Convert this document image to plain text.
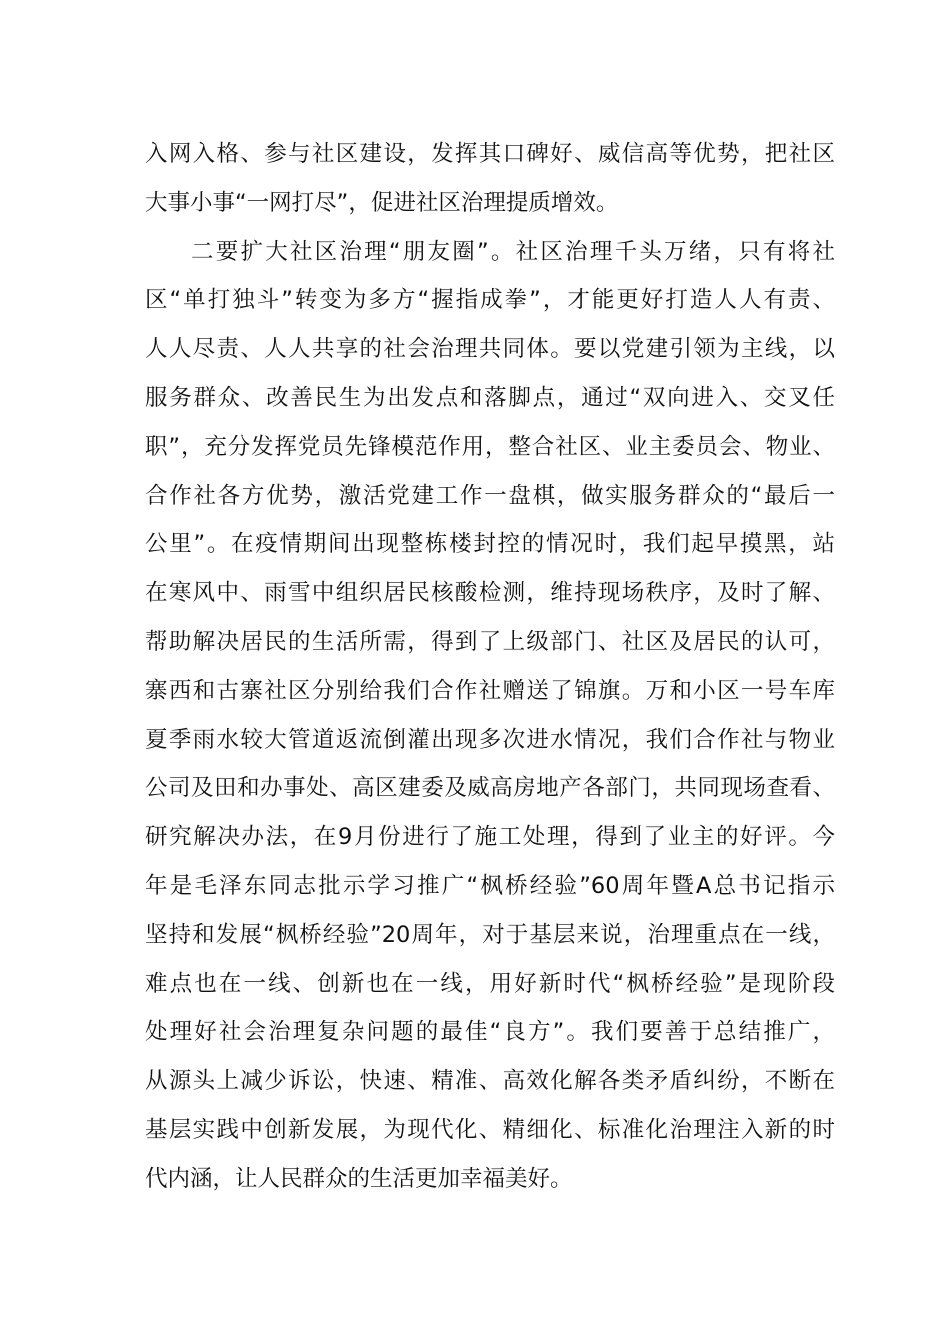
入网入格、参与社区建设，发挥其口碑好、威信高等优势，把社区
大事小事“一网打尽”，促进社区治理提质增效。
二要扩大社区治理“朋友圈”。社区治理千头万绪，只有将社
区“单打独斗”转变为多方“握指成拳”，才能更好打造人人有责、
人人尽责、人人共享的社会治理共同体。要以党建引领为主线，以
服务群众、改善民生为出发点和落脚点，通过“双向进入、交叉任
职”，充分发挥党员先锋模范作用，整合社区、业主委员会、物业、
合作社各方优势，激活党建工作一盘棋，做实服务群众的“最后一
公里”。在疫情期间出现整栋楼封控的情况时，我们起早摸黑，站
在寒风中、雨雪中组织居民核酸检测，维持现场秩序，及时了解、
帮助解决居民的生活所需，得到了上级部门、社区及居民的认可，
寨西和古寨社区分别给我们合作社赠送了锦旗。万和小区一号车库
夏季雨水较大管道返流倒灌出现多次进水情况，我们合作社与物业
公司及田和办事处、高区建委及威高房地产各部门，共同现场查看、
研究解决办法，在9月份进行了施工处理，得到了业主的好评。今
年是毛泽东同志批示学习推广“枫桥经验”60周年暨A总书记指示
坚持和发展“枫桥经验”20周年，对于基层来说，治理重点在一线，
难点也在一线、创新也在一线，用好新时代“枫桥经验”是现阶段
处理好社会治理复杂问题的最佳“良方”。我们要善于总结推广，
从源头上减少诉讼，快速、精准、高效化解各类矛盾纠纷，不断在
基层实践中创新发展，为现代化、精细化、标准化治理注入新的时
代内涵，让人民群众的生活更加幸福美好。
